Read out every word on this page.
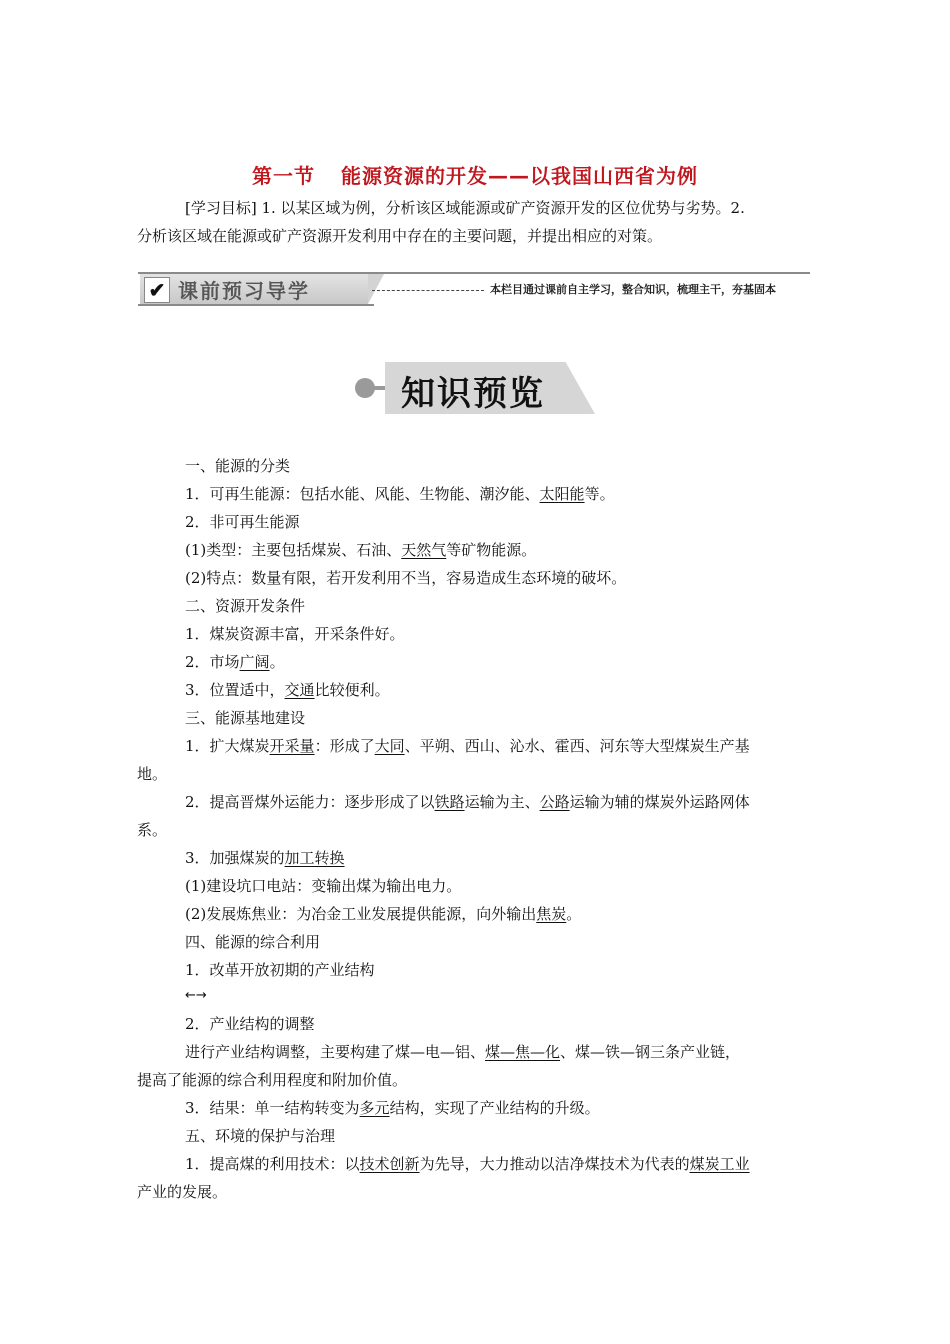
第一节 能源资源的开发——以我国山西省为例
[学习目标] 1. 以某区域为例，分析该区域能源或矿产资源开发的区位优势与劣势。2.
分析该区域在能源或矿产资源开发利用中存在的主要问题，并提出相应的对策。
✔ 课前预习导学	本栏目通过课前自主学习，整合知识，梳理主干，夯基固本
知识预览
一、能源的分类
1．可再生能源：包括水能、风能、生物能、潮汐能、太阳能等。
2．非可再生能源
(1)类型：主要包括煤炭、石油、天然气等矿物能源。
(2)特点：数量有限，若开发利用不当，容易造成生态环境的破坏。
二、资源开发条件
1．煤炭资源丰富，开采条件好。
2．市场广阔。
3．位置适中，交通比较便利。
三、能源基地建设
1．扩大煤炭开采量：形成了大同、平朔、西山、沁水、霍西、河东等大型煤炭生产基
地。
2．提高晋煤外运能力：逐步形成了以铁路运输为主、公路运输为辅的煤炭外运路网体
系。
3．加强煤炭的加工转换
(1)建设坑口电站：变输出煤为输出电力。
(2)发展炼焦业：为冶金工业发展提供能源，向外输出焦炭。
四、能源的综合利用
1．改革开放初期的产业结构
←→
2．产业结构的调整
进行产业结构调整，主要构建了煤—电—铝、煤—焦—化、煤—铁—钢三条产业链，
提高了能源的综合利用程度和附加价值。
3．结果：单一结构转变为多元结构，实现了产业结构的升级。
五、环境的保护与治理
1．提高煤的利用技术：以技术创新为先导，大力推动以洁净煤技术为代表的煤炭工业
产业的发展。
